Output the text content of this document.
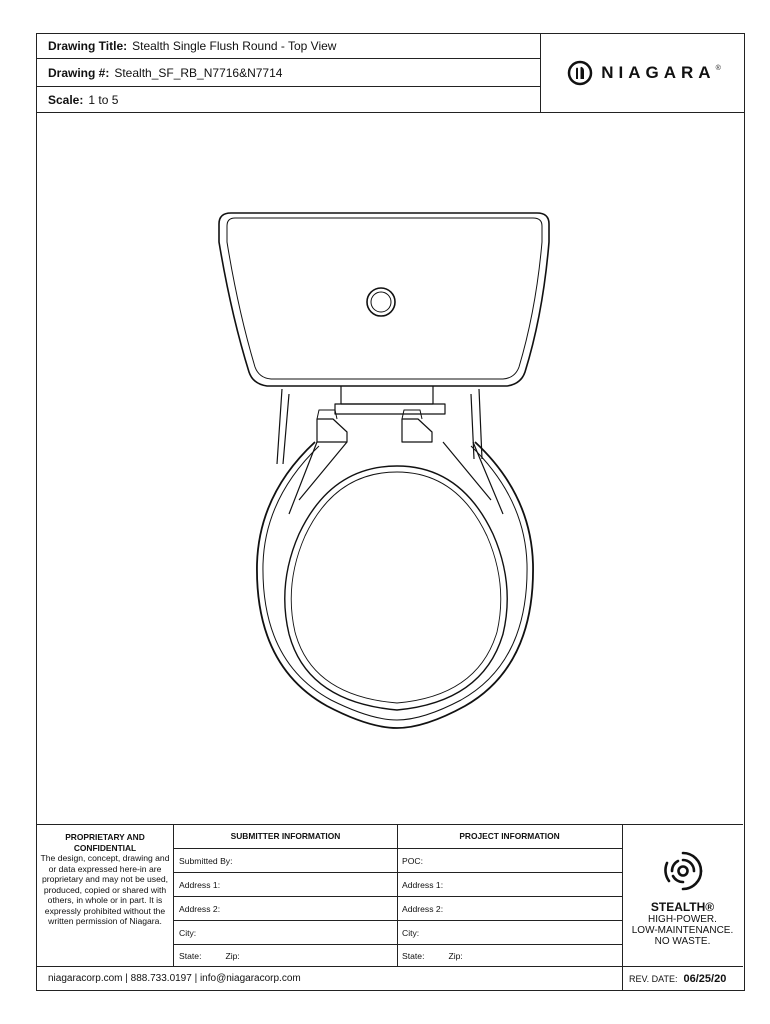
Drawing Title: Stealth Single Flush Round - Top View
Drawing #: Stealth_SF_RB_N7716&N7714
Scale: 1 to 5
NIAGARA ®
PROPRIETARY AND CONFIDENTIAL
The design, concept, drawing and or data expressed here-in are proprietary and may not be used, produced, copied or shared with others, in whole or in part. It is expressly prohibited without the written permission of Niagara.
SUBMITTER INFORMATION
Submitted By:
Address 1:
Address 2:
City:
State:	Zip:
PROJECT INFORMATION
POC:
Address 1:
Address 2:
City:
State:	Zip:
STEALTH®
HIGH-POWER.
LOW-MAINTENANCE.
NO WASTE.
niagaracorp.com | 888.733.0197 | info@niagaracorp.com	REV. DATE: 06/25/20
